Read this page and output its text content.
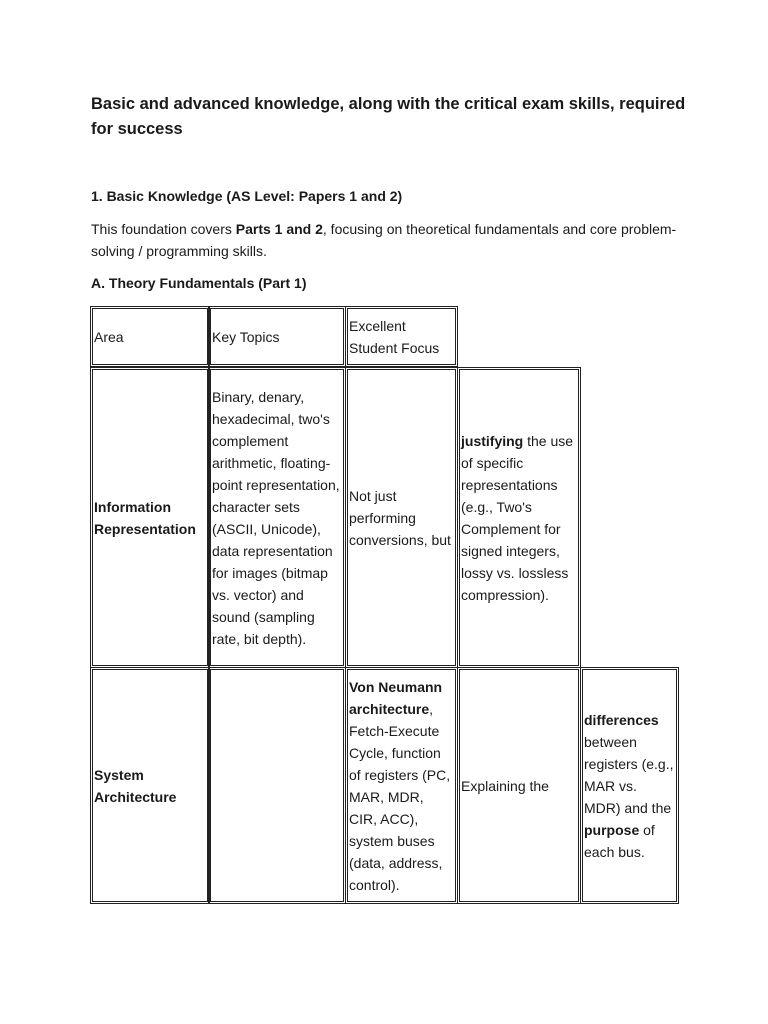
Basic and advanced knowledge, along with the critical exam skills, required for success
1. Basic Knowledge (AS Level: Papers 1 and 2)

This foundation covers Parts 1 and 2, focusing on theoretical fundamentals and core problem-solving / programming skills.

A. Theory Fundamentals (Part 1)
Area	Key Topics
Excellent Student Focus
Information Representation
Binary, denary, hexadecimal, two's complement arithmetic, floating-point representation, character sets (ASCII, Unicode), data representation for images (bitmap vs. vector) and sound (sampling rate, bit depth).
Not just performing conversions, but
justifying the use of specific representations (e.g., Two's Complement for signed integers, lossy vs. lossless compression).
System Architecture
Von Neumann architecture, Fetch-Execute Cycle, function of registers (PC, MAR, MDR, CIR, ACC), system buses (data, address, control).
Explaining the
differences between registers (e.g., MAR vs. MDR) and the purpose of each bus.
